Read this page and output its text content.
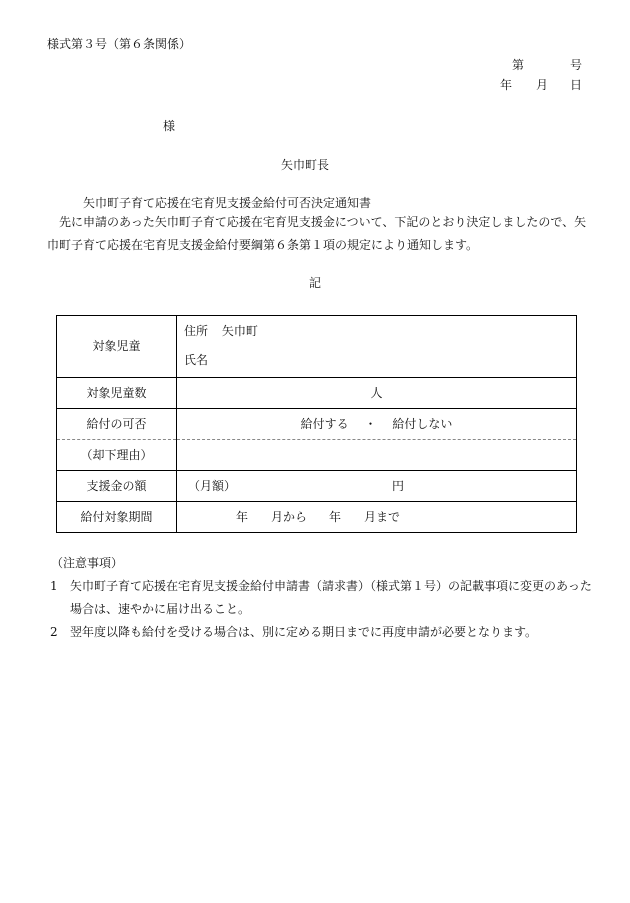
様式第３号（第６条関係）
第	号
年 月 日
様
矢巾町長
矢巾町子育て応援在宅育児支援金給付可否決定通知書
先に申請のあった矢巾町子育て応援在宅育児支援金について、下記のとおり決定しましたので、矢巾町子育て応援在宅育児支援金給付要綱第６条第１項の規定により通知します。
記
対象児童	住所 矢巾町
氏名

対象児童数	人
給付の可否	給付する ・ 給付しない
（却下理由）	
支援金の額	（月額） 円

給付対象期間	年 月から 年 月まで
（注意事項）
1	矢巾町子育て応援在宅育児支援金給付申請書（請求書）（様式第１号）の記載事項に変更のあった場合は、速やかに届け出ること。
2	翌年度以降も給付を受ける場合は、別に定める期日までに再度申請が必要となります。
